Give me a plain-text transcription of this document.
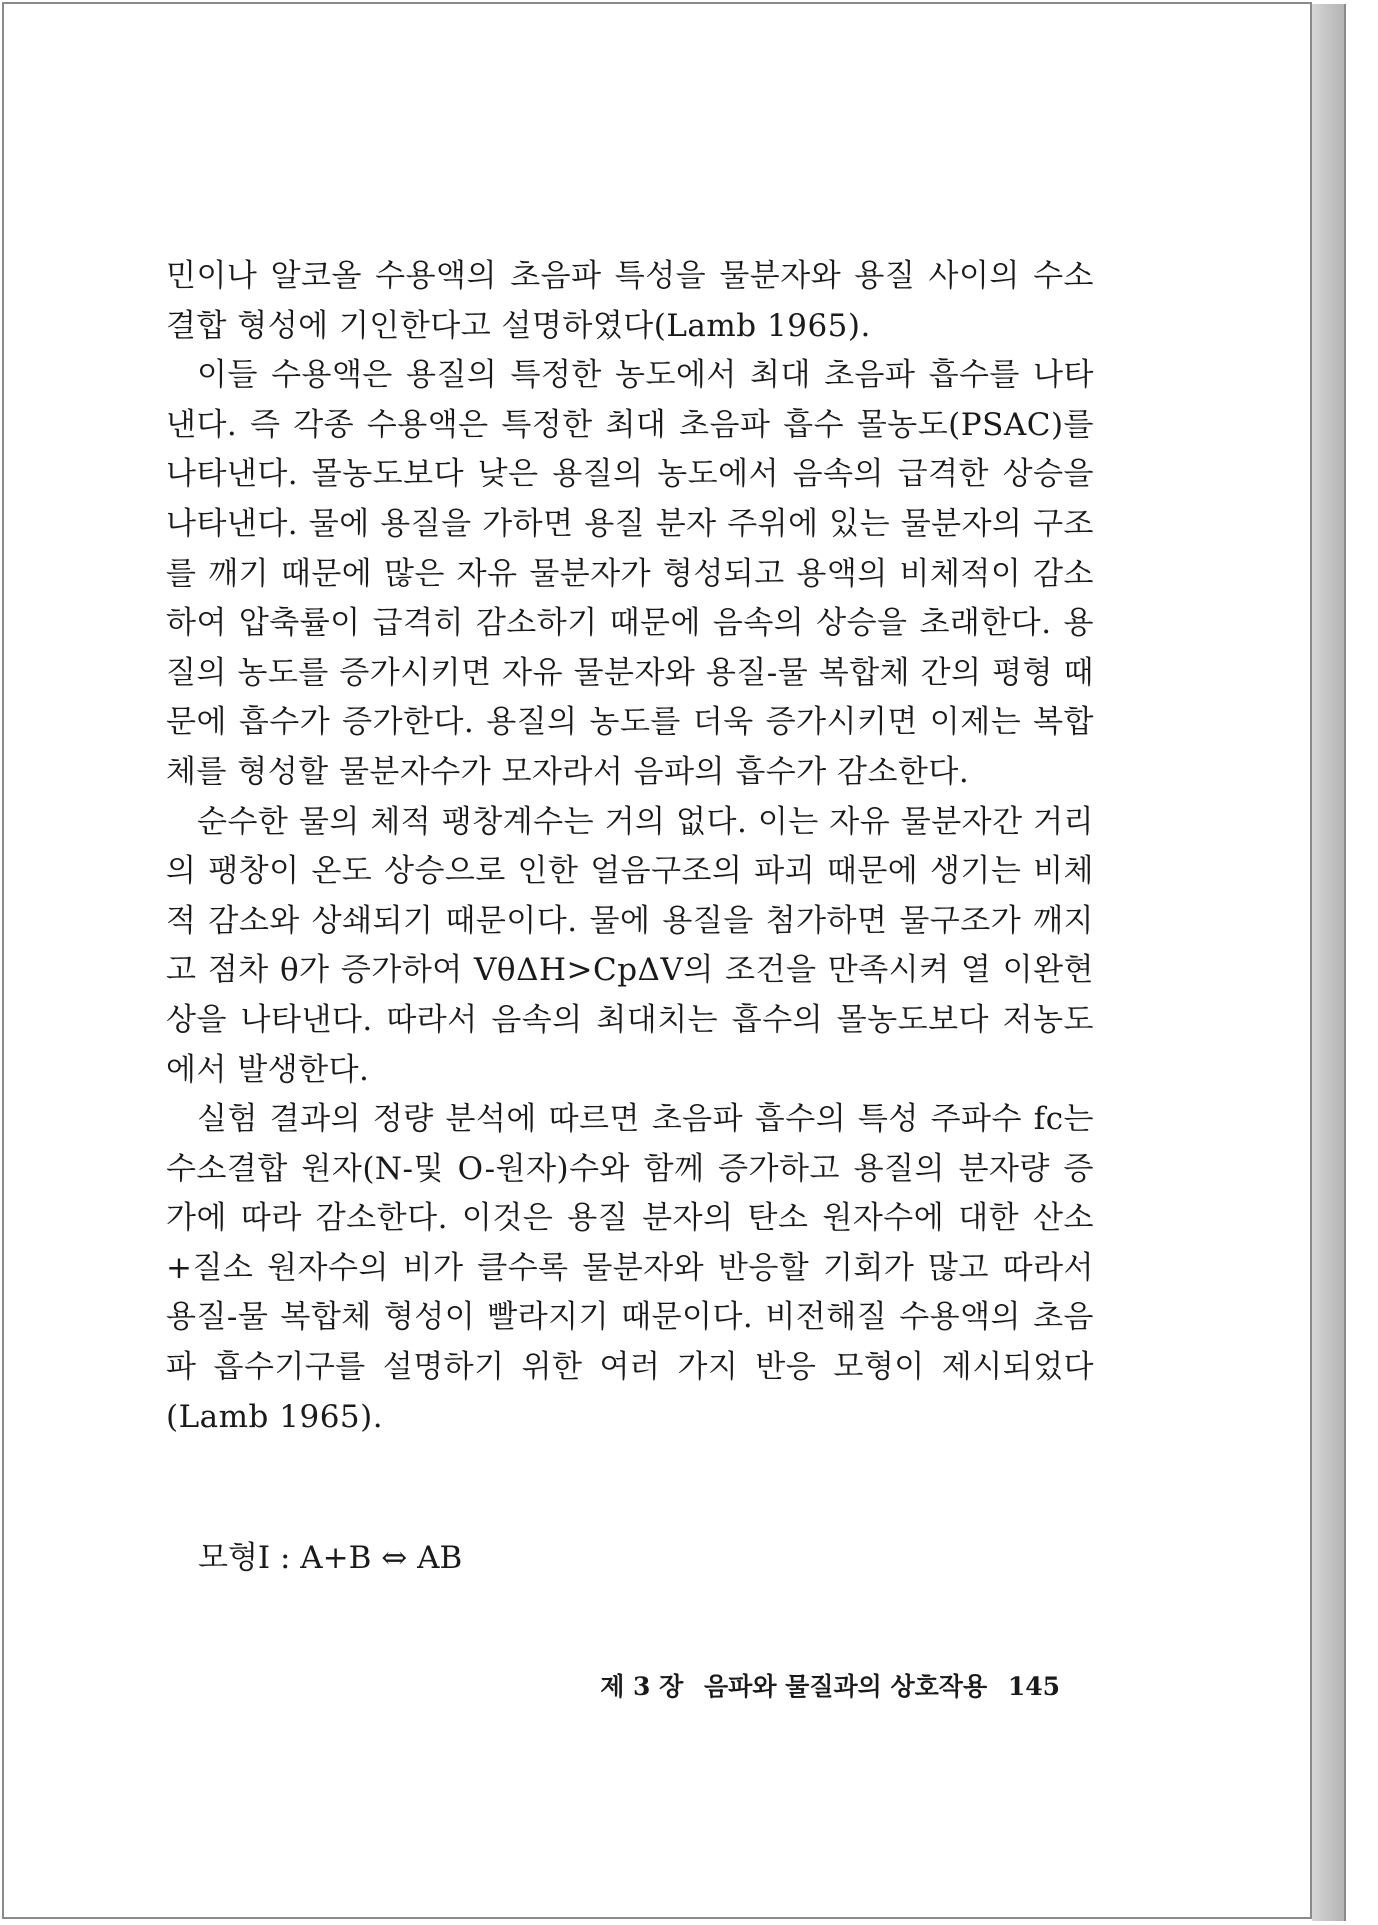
민이나 알코올 수용액의 초음파 특성을 물분자와 용질 사이의 수소결합 형성에 기인한다고 설명하였다(Lamb 1965).

이들 수용액은 용질의 특정한 농도에서 최대 초음파 흡수를 나타낸다. 즉 각종 수용액은 특정한 최대 초음파 흡수 몰농도(PSAC)를 나타낸다. 몰농도보다 낮은 용질의 농도에서 음속의 급격한 상승을 나타낸다. 물에 용질을 가하면 용질 분자 주위에 있는 물분자의 구조를 깨기 때문에 많은 자유 물분자가 형성되고 용액의 비체적이 감소하여 압축률이 급격히 감소하기 때문에 음속의 상승을 초래한다. 용질의 농도를 증가시키면 자유 물분자와 용질-물 복합체 간의 평형 때문에 흡수가 증가한다. 용질의 농도를 더욱 증가시키면 이제는 복합체를 형성할 물분자수가 모자라서 음파의 흡수가 감소한다.

순수한 물의 체적 팽창계수는 거의 없다. 이는 자유 물분자간 거리의 팽창이 온도 상승으로 인한 얼음구조의 파괴 때문에 생기는 비체적 감소와 상쇄되기 때문이다. 물에 용질을 첨가하면 물구조가 깨지고 점차 θ가 증가하여 VθΔH>CpΔV의 조건을 만족시켜 열 이완현상을 나타낸다. 따라서 음속의 최대치는 흡수의 몰농도보다 저농도에서 발생한다.

실험 결과의 정량 분석에 따르면 초음파 흡수의 특성 주파수 fc는 수소결합 원자(N-및 O-원자)수와 함께 증가하고 용질의 분자량 증가에 따라 감소한다. 이것은 용질 분자의 탄소 원자수에 대한 산소+질소 원자수의 비가 클수록 물분자와 반응할 기회가 많고 따라서 용질-물 복합체 형성이 빨라지기 때문이다. 비전해질 수용액의 초음파 흡수기구를 설명하기 위한 여러 가지 반응 모형이 제시되었다(Lamb 1965).

모형Ⅰ : A+B ⇔ AB
제 3 장 음파와 물질과의 상호작용 145
